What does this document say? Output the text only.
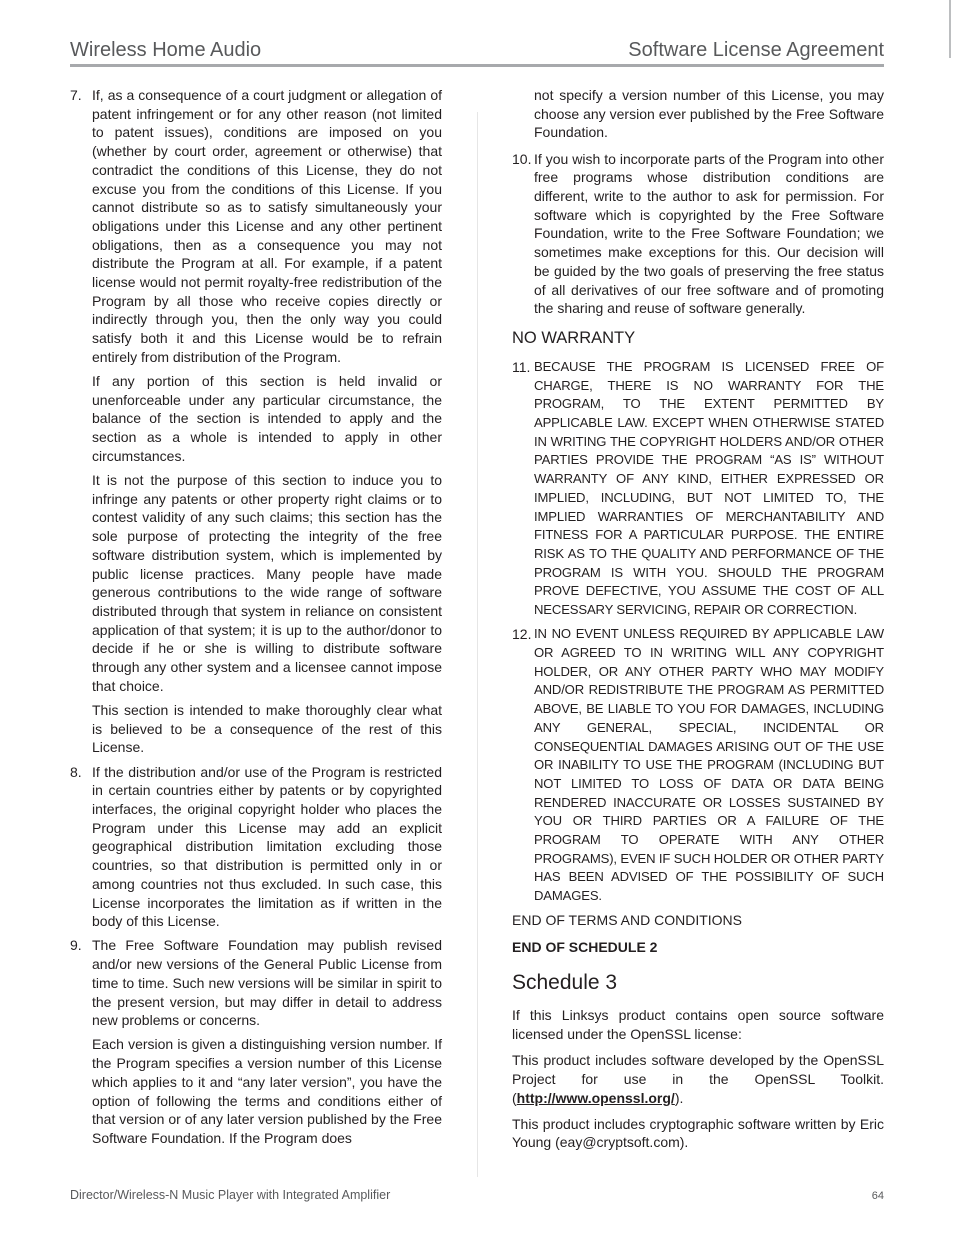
Wireless Home Audio	Software License Agreement
7. If, as a consequence of a court judgment or allegation of patent infringement or for any other reason (not limited to patent issues), conditions are imposed on you (whether by court order, agreement or otherwise) that contradict the conditions of this License, they do not excuse you from the conditions of this License. If you cannot distribute so as to satisfy simultaneously your obligations under this License and any other pertinent obligations, then as a consequence you may not distribute the Program at all. For example, if a patent license would not permit royalty-free redistribution of the Program by all those who receive copies directly or indirectly through you, then the only way you could satisfy both it and this License would be to refrain entirely from distribution of the Program.

If any portion of this section is held invalid or unenforceable under any particular circumstance, the balance of the section is intended to apply and the section as a whole is intended to apply in other circumstances.

It is not the purpose of this section to induce you to infringe any patents or other property right claims or to contest validity of any such claims; this section has the sole purpose of protecting the integrity of the free software distribution system, which is implemented by public license practices. Many people have made generous contributions to the wide range of software distributed through that system in reliance on consistent application of that system; it is up to the author/donor to decide if he or she is willing to distribute software through any other system and a licensee cannot impose that choice.

This section is intended to make thoroughly clear what is believed to be a consequence of the rest of this License.

8. If the distribution and/or use of the Program is restricted in certain countries either by patents or by copyrighted interfaces, the original copyright holder who places the Program under this License may add an explicit geographical distribution limitation excluding those countries, so that distribution is permitted only in or among countries not thus excluded. In such case, this License incorporates the limitation as if written in the body of this License.

9. The Free Software Foundation may publish revised and/or new versions of the General Public License from time to time. Such new versions will be similar in spirit to the present version, but may differ in detail to address new problems or concerns.

Each version is given a distinguishing version number. If the Program specifies a version number of this License which applies to it and “any later version”, you have the option of following the terms and conditions either of that version or of any later version published by the Free Software Foundation. If the Program does

not specify a version number of this License, you may choose any version ever published by the Free Software Foundation.

10. If you wish to incorporate parts of the Program into other free programs whose distribution conditions are different, write to the author to ask for permission. For software which is copyrighted by the Free Software Foundation, write to the Free Software Foundation; we sometimes make exceptions for this. Our decision will be guided by the two goals of preserving the free status of all derivatives of our free software and of promoting the sharing and reuse of software generally.

NO WARRANTY
11. BECAUSE THE PROGRAM IS LICENSED FREE OF CHARGE, THERE IS NO WARRANTY FOR THE PROGRAM, TO THE EXTENT PERMITTED BY APPLICABLE LAW. EXCEPT WHEN OTHERWISE STATED IN WRITING THE COPYRIGHT HOLDERS AND/OR OTHER PARTIES PROVIDE THE PROGRAM “AS IS” WITHOUT WARRANTY OF ANY KIND, EITHER EXPRESSED OR IMPLIED, INCLUDING, BUT NOT LIMITED TO, THE IMPLIED WARRANTIES OF MERCHANTABILITY AND FITNESS FOR A PARTICULAR PURPOSE. THE ENTIRE RISK AS TO THE QUALITY AND PERFORMANCE OF THE PROGRAM IS WITH YOU. SHOULD THE PROGRAM PROVE DEFECTIVE, YOU ASSUME THE COST OF ALL NECESSARY SERVICING, REPAIR OR CORRECTION.

12. IN NO EVENT UNLESS REQUIRED BY APPLICABLE LAW OR AGREED TO IN WRITING WILL ANY COPYRIGHT HOLDER, OR ANY OTHER PARTY WHO MAY MODIFY AND/OR REDISTRIBUTE THE PROGRAM AS PERMITTED ABOVE, BE LIABLE TO YOU FOR DAMAGES, INCLUDING ANY GENERAL, SPECIAL, INCIDENTAL OR CONSEQUENTIAL DAMAGES ARISING OUT OF THE USE OR INABILITY TO USE THE PROGRAM (INCLUDING BUT NOT LIMITED TO LOSS OF DATA OR DATA BEING RENDERED INACCURATE OR LOSSES SUSTAINED BY YOU OR THIRD PARTIES OR A FAILURE OF THE PROGRAM TO OPERATE WITH ANY OTHER PROGRAMS), EVEN IF SUCH HOLDER OR OTHER PARTY HAS BEEN ADVISED OF THE POSSIBILITY OF SUCH DAMAGES.

END OF TERMS AND CONDITIONS

END OF SCHEDULE 2

Schedule 3

If this Linksys product contains open source software licensed under the OpenSSL license:

This product includes software developed by the OpenSSL Project for use in the OpenSSL Toolkit. (http://www.openssl.org/).

This product includes cryptographic software written by Eric Young (eay@cryptsoft.com).

Director/Wireless-N Music Player with Integrated Amplifier	64
